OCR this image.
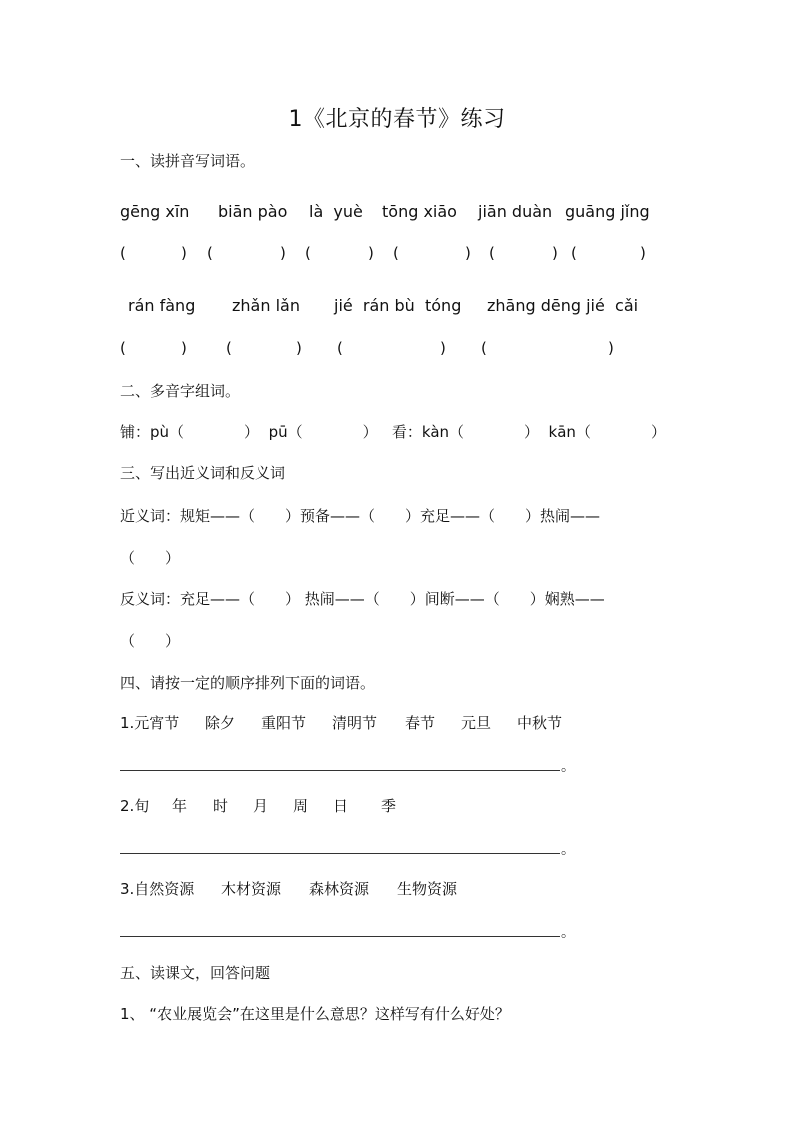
1《北京的春节》练习
一、读拼音写词语。
gēng xīn biān pào là  yuè tōng xiāo jiān duàn guāng jǐng
(	) (	) (	) (	) (	) (	)
rán fàng zhǎn lǎn jié  rán bù  tóng zhāng dēng jié  cǎi
(	)	(	) (	) (	)
二、多音字组词。
铺：pù（　　　　）  pū（　　　　）   看：kàn（　　　　）  kān（　　　　）
三、写出近义词和反义词
近义词：规矩——（　　）预备——（　　）充足——（　　）热闹——
（　　）
反义词：充足——（　　） 热闹——（　　）间断——（　　）娴熟——
（　　）
四、请按一定的顺序排列下面的词语。
1.元宵节 除夕 重阳节 清明节 春节 元旦 中秋节
。
2.旬 年 时 月 周 日 季
。
3.自然资源 木材资源 森林资源 生物资源
。
五、读课文，回答问题
1、 “农业展览会”在这里是什么意思？这样写有什么好处？
